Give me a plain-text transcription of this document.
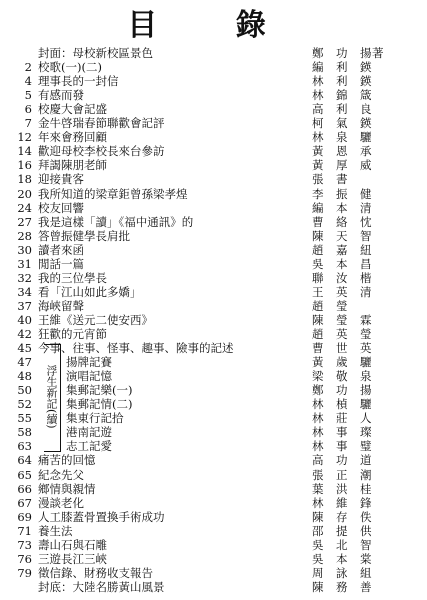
目 錄
封面：母校新校區景色	鄭　功　揚著
2 校歌(一)(二)	編　利　鍈
4 理事長的一封信	林　利　鍈
5 有感而發	林　錦　箴
6 校慶大會記盛	高　利　良
7 金牛啓瑞春節聯歡會記評	柯　氣　鍈
12 年來會務回顧	林　泉　驪
14 歡迎母校李校長來台參訪	黃　恩　承
16 拜謁陳朋老師	黃　厚　威
18 迎接貴客	張　書
20 我所知道的梁章鉅曾孫梁孝煌	李　振　健
24 校友回響	編　本　清
27 我是這樣「讀」《福中通訊》的	曹　絡　忱
28 答曾振健學長肩批	陳　天　智
30 讀者來函	趙　嘉　紐
31 閒話一篇	吳　本　昌
32 我的三位學長	聯　汝　楷
34 看「江山如此多嬌」	王　英　清
37 海峽留聲	趙　瑩
40 王維《送元二使安西》	陳　瑩　霖
42 狂歡的元宵節	趙　英　瑩
45 今事、往事、怪事、趣事、險事的記述	曹　世　英
47	揚牌記賽	黃　歲　驪
48	演唱記憶	梁　敬　泉
50	集郵記樂(一)	鄭　功　揚
52	集郵記情(二)	林　楨　驪
55	集東行記拾	林　莊　人
58	港南記遊	林　事　璨
63	志工記愛	林　事　璧
64 痛苦的回憶	高　功　道
65 紀念先父	張　正　潮
66 鄉情與親情	葉　洪　桂
67 漫談老化	林　維　鋒
69 人工膝蓋骨置換手術成功	陳　存　佚
71 養生法	邵　提　供
73 壽山石與石雕	吳　北　智
76 三遊長江三峽	吳　本　棠
79 徵信錄、財務收支報告	周　詠　組
封底：大陸名勝黃山風景	陳　務　善
浮生新記(續)
